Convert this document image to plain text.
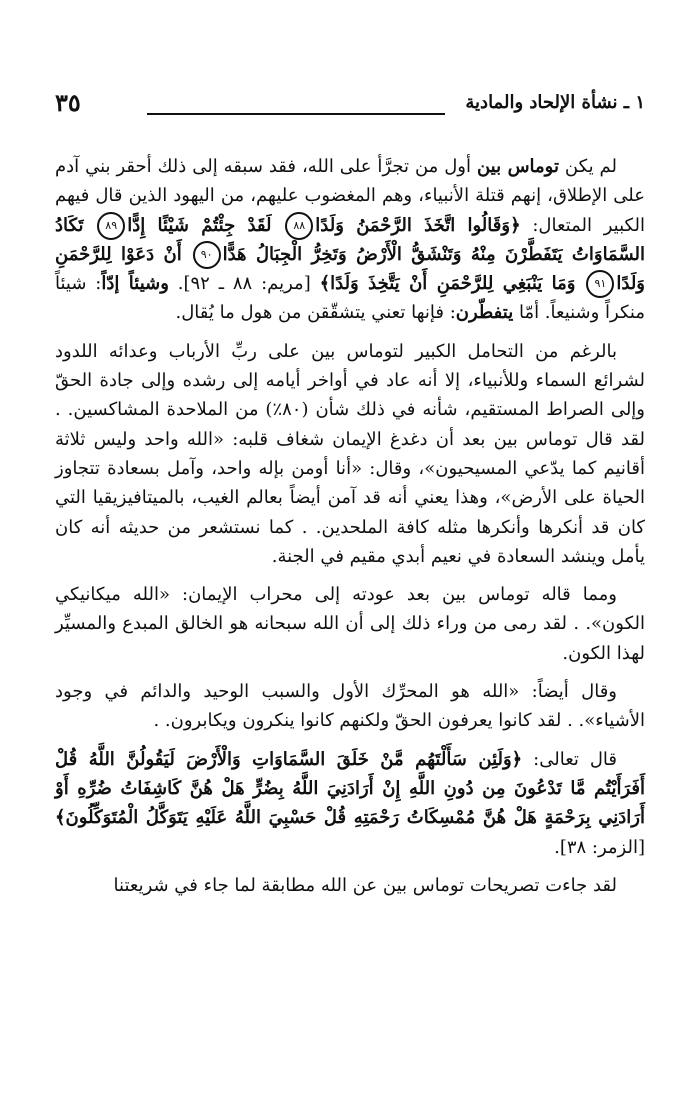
١ ـ نشأة الإلحاد والمادية
٣٥

لم يكن توماس بين أول من تجرَّأ على الله، فقد سبقه إلى ذلك أحقر بني آدم على الإطلاق، إنهم قتلة الأنبياء، وهم المغضوب عليهم، من اليهود الذين قال فيهم الكبير المتعال: ﴿وَقَالُوا اتَّخَذَ الرَّحْمَنُ وَلَدًا٨٨ لَقَدْ جِئْتُمْ شَيْئًا إِدًّا٨٩ تَكَادُ السَّمَاوَاتُ يَتَفَطَّرْنَ مِنْهُ وَتَنْشَقُّ الْأَرْضُ وَتَخِرُّ الْجِبَالُ هَدًّا٩٠ أَنْ دَعَوْا لِلرَّحْمَنِ وَلَدًا٩١ وَمَا يَنْبَغِي لِلرَّحْمَنِ أَنْ يَتَّخِذَ وَلَدًا﴾ [مريم: ٨٨ ـ ٩٢]. وشيئاً إدّاً: شيئاً منكراً وشنيعاً. أمّا يتفطّرن: فإنها تعني يتشقّقن من هول ما يُقال.

بالرغم من التحامل الكبير لتوماس بين على ربِّ الأرباب وعدائه اللدود لشرائع السماء وللأنبياء، إلا أنه عاد في أواخر أيامه إلى رشده وإلى جادة الحقّ وإلى الصراط المستقيم، شأنه في ذلك شأن (٨٠٪) من الملاحدة المشاكسين. . لقد قال توماس بين بعد أن دغدغ الإيمان شغاف قلبه: «الله واحد وليس ثلاثة أقانيم كما يدّعي المسيحيون»، وقال: «أنا أومن بإله واحد، وآمل بسعادة تتجاوز الحياة على الأرض»، وهذا يعني أنه قد آمن أيضاً بعالم الغيب، بالميتافيزيقيا التي كان قد أنكرها وأنكرها مثله كافة الملحدين. . كما نستشعر من حديثه أنه كان يأمل وينشد السعادة في نعيم أبدي مقيم في الجنة.

ومما قاله توماس بين بعد عودته إلى محراب الإيمان: «الله ميكانيكي الكون». . لقد رمى من وراء ذلك إلى أن الله سبحانه هو الخالق المبدع والمسيِّر لهذا الكون.

وقال أيضاً: «الله هو المحرِّك الأول والسبب الوحيد والدائم في وجود الأشياء». . لقد كانوا يعرفون الحقّ ولكنهم كانوا ينكرون ويكابرون. .

قال تعالى: ﴿وَلَئِن سَأَلْتَهُم مَّنْ خَلَقَ السَّمَاوَاتِ وَالْأَرْضَ لَيَقُولُنَّ اللَّهُ قُلْ أَفَرَأَيْتُم مَّا تَدْعُونَ مِن دُونِ اللَّهِ إِنْ أَرَادَنِيَ اللَّهُ بِضُرٍّ هَلْ هُنَّ كَاشِفَاتُ ضُرِّهِ أَوْ أَرَادَنِي بِرَحْمَةٍ هَلْ هُنَّ مُمْسِكَاتُ رَحْمَتِهِ قُلْ حَسْبِيَ اللَّهُ عَلَيْهِ يَتَوَكَّلُ الْمُتَوَكِّلُونَ﴾ [الزمر: ٣٨].

لقد جاءت تصريحات توماس بين عن الله مطابقة لما جاء في شريعتنا
